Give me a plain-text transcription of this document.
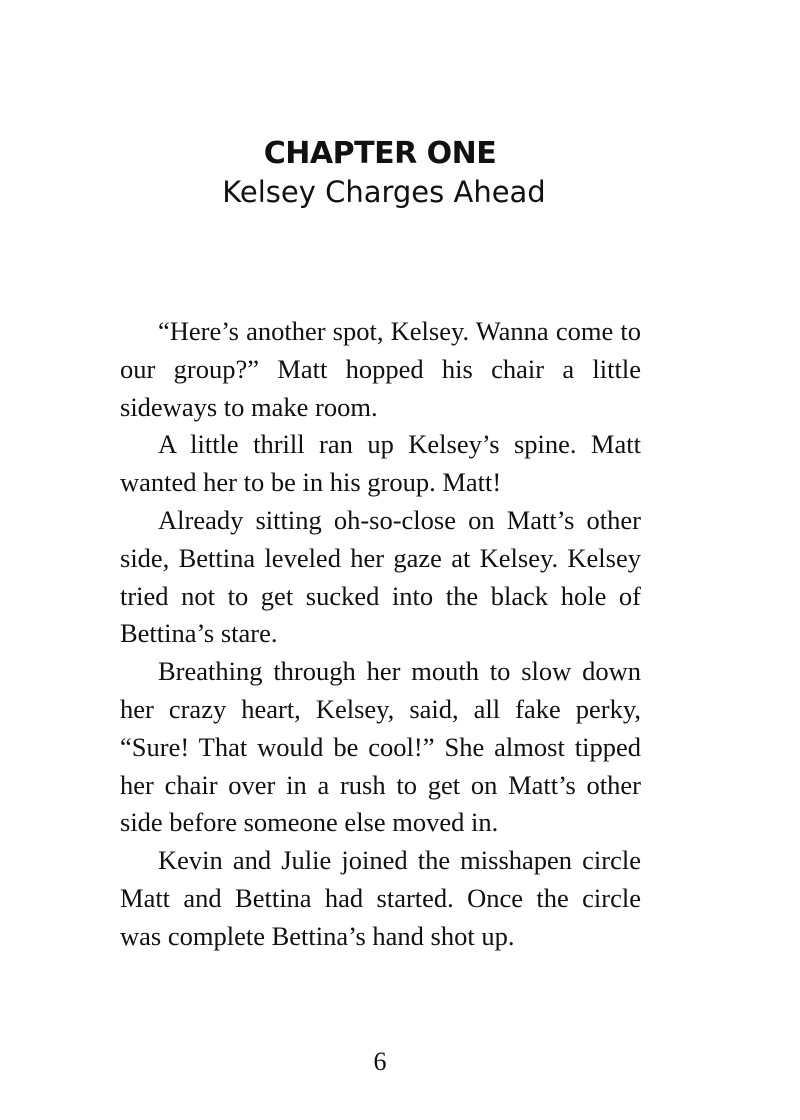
CHAPTER ONE
Kelsey Charges Ahead

“Here’s another spot, Kelsey. Wanna come to our group?” Matt hopped his chair a little sideways to make room.

A little thrill ran up Kelsey’s spine. Matt wanted her to be in his group. Matt!

Already sitting oh-so-close on Matt’s other side, Bettina leveled her gaze at Kelsey. Kelsey tried not to get sucked into the black hole of Bettina’s stare.

Breathing through her mouth to slow down her crazy heart, Kelsey, said, all fake perky, “Sure! That would be cool!” She almost tipped her chair over in a rush to get on Matt’s other side before someone else moved in.

Kevin and Julie joined the misshapen circle Matt and Bettina had started. Once the circle was complete Bettina’s hand shot up.

6
